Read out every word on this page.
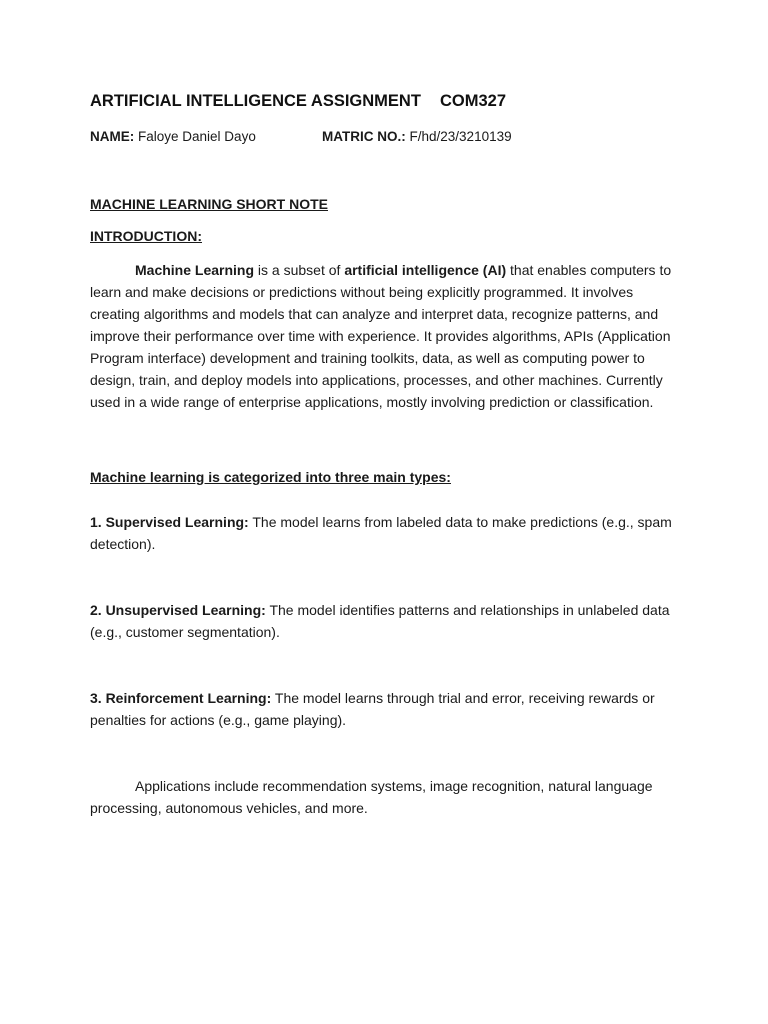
ARTIFICIAL INTELLIGENCE ASSIGNMENT COM327
NAME: Faloye Daniel Dayo	MATRIC NO.: F/hd/23/3210139
MACHINE LEARNING SHORT NOTE
INTRODUCTION:

Machine Learning is a subset of artificial intelligence (AI) that enables computers to learn and make decisions or predictions without being explicitly programmed. It involves creating algorithms and models that can analyze and interpret data, recognize patterns, and improve their performance over time with experience. It provides algorithms, APIs (Application Program interface) development and training toolkits, data, as well as computing power to design, train, and deploy models into applications, processes, and other machines. Currently used in a wide range of enterprise applications, mostly involving prediction or classification.

Machine learning is categorized into three main types:

1. Supervised Learning: The model learns from labeled data to make predictions (e.g., spam detection).

2. Unsupervised Learning: The model identifies patterns and relationships in unlabeled data (e.g., customer segmentation).

3. Reinforcement Learning: The model learns through trial and error, receiving rewards or penalties for actions (e.g., game playing).

Applications include recommendation systems, image recognition, natural language processing, autonomous vehicles, and more.
